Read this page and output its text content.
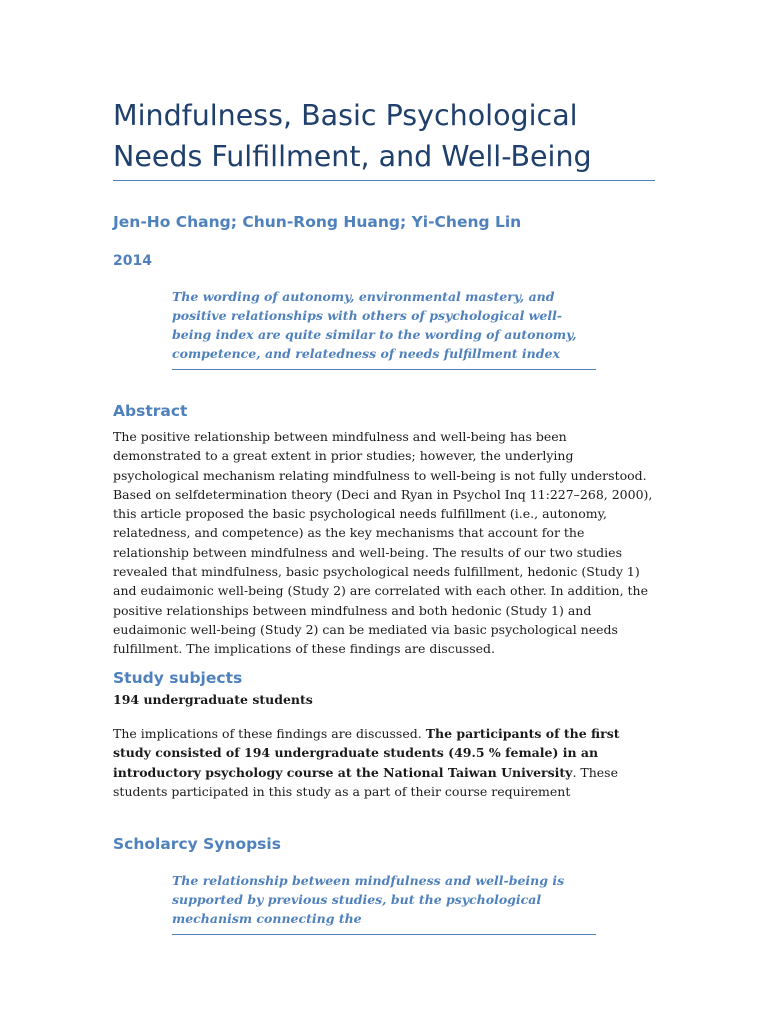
Mindfulness, Basic Psychological Needs Fulfillment, and Well-Being
Jen-Ho Chang; Chun-Rong Huang; Yi-Cheng Lin
2014

The wording of autonomy, environmental mastery, and positive relationships with others of psychological well-being index are quite similar to the wording of autonomy, competence, and relatedness of needs fulfillment index

Abstract

The positive relationship between mindfulness and well-being has been demonstrated to a great extent in prior studies; however, the underlying psychological mechanism relating mindfulness to well-being is not fully understood. Based on selfdetermination theory (Deci and Ryan in Psychol Inq 11:227–268, 2000), this article proposed the basic psychological needs fulfillment (i.e., autonomy, relatedness, and competence) as the key mechanisms that account for the relationship between mindfulness and well-being. The results of our two studies revealed that mindfulness, basic psychological needs fulfillment, hedonic (Study 1) and eudaimonic well-being (Study 2) are correlated with each other. In addition, the positive relationships between mindfulness and both hedonic (Study 1) and eudaimonic well-being (Study 2) can be mediated via basic psychological needs fulfillment. The implications of these findings are discussed.

Study subjects
194 undergraduate students

The implications of these findings are discussed. The participants of the first study consisted of 194 undergraduate students (49.5 % female) in an introductory psychology course at the National Taiwan University. These students participated in this study as a part of their course requirement

Scholarcy Synopsis

The relationship between mindfulness and well-being is supported by previous studies, but the psychological mechanism connecting the
